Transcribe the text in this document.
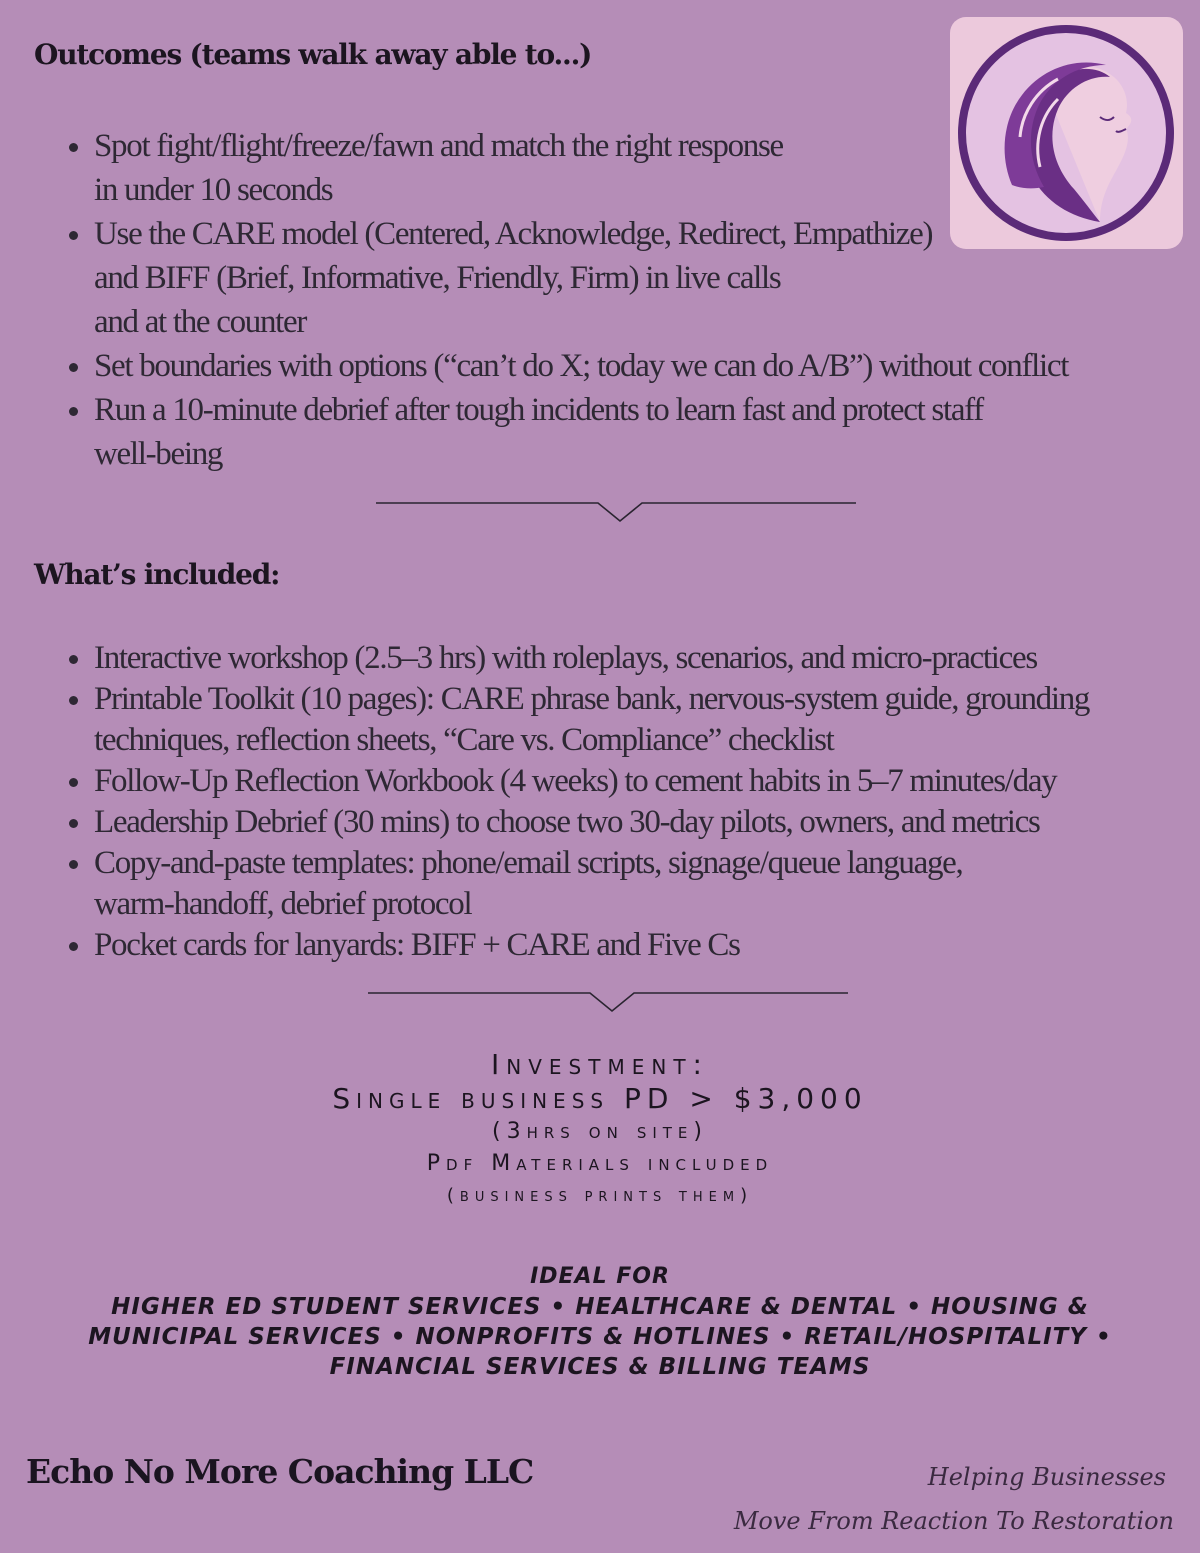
Outcomes (teams walk away able to...)
• Spot fight/flight/freeze/fawn and match the right response
in under 10 seconds
• Use the CARE model (Centered, Acknowledge, Redirect, Empathize)
and BIFF (Brief, Informative, Friendly, Firm) in live calls
and at the counter
• Set boundaries with options (“can’t do X; today we can do A/B”) without conflict
• Run a 10-minute debrief after tough incidents to learn fast and protect staff
well-being
What’s included:
• Interactive workshop (2.5–3 hrs) with roleplays, scenarios, and micro-practices
• Printable Toolkit (10 pages): CARE phrase bank, nervous-system guide, grounding
techniques, reflection sheets, “Care vs. Compliance” checklist
• Follow-Up Reflection Workbook (4 weeks) to cement habits in 5–7 minutes/day
• Leadership Debrief (30 mins) to choose two 30-day pilots, owners, and metrics
• Copy-and-paste templates: phone/email scripts, signage/queue language,
warm-handoff, debrief protocol
• Pocket cards for lanyards: BIFF + CARE and Five Cs
Investment:
Single business PD > $3,000
(3hrs on site)
Pdf Materials included
(business prints them)
IDEAL FOR
HIGHER ED STUDENT SERVICES • HEALTHCARE & DENTAL • HOUSING &
MUNICIPAL SERVICES • NONPROFITS & HOTLINES • RETAIL/HOSPITALITY •
FINANCIAL SERVICES & BILLING TEAMS
Echo No More Coaching LLC	Helping Businesses
Move From Reaction To Restoration
